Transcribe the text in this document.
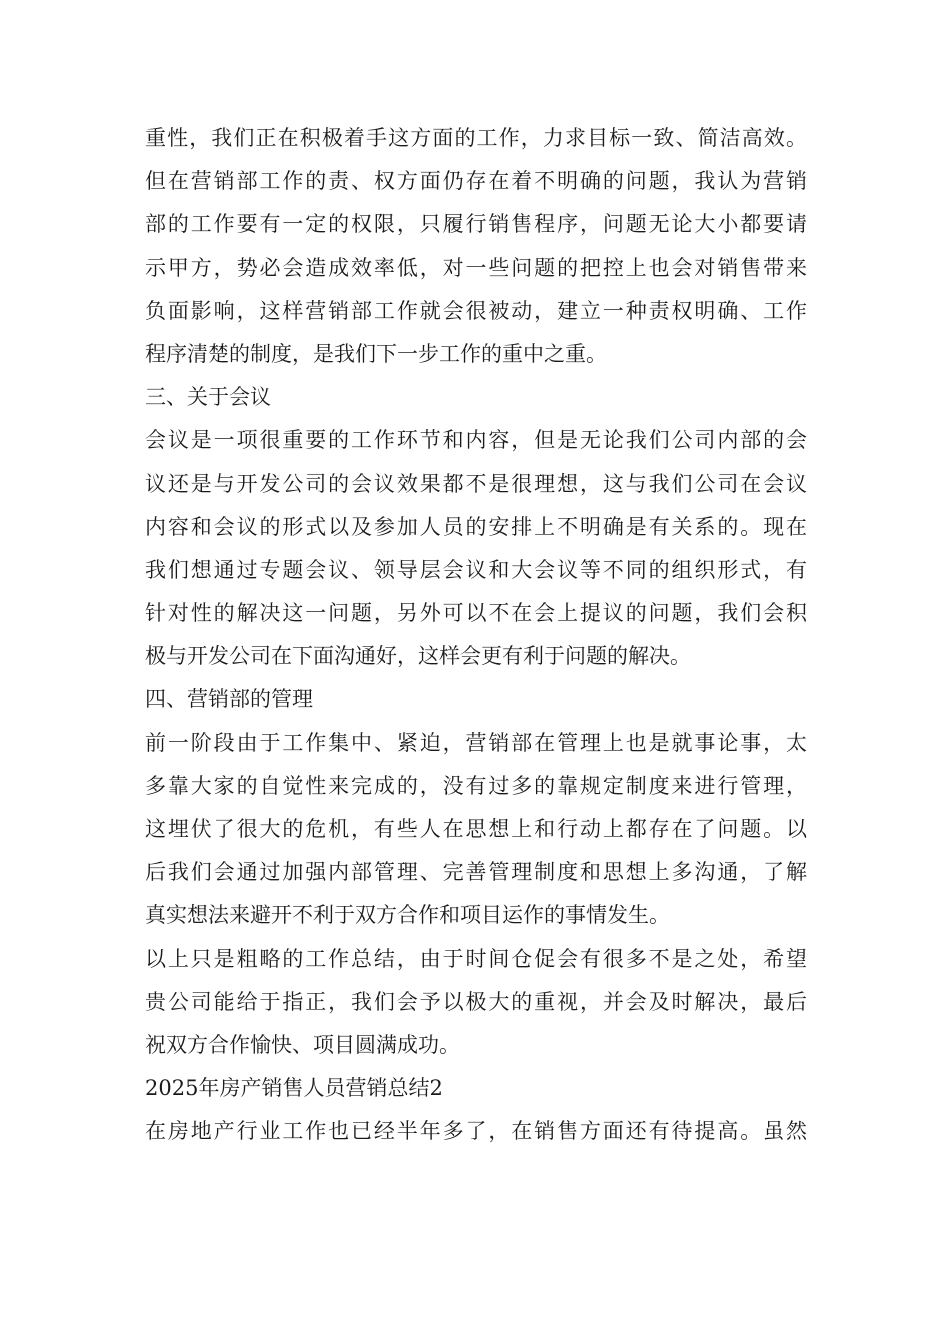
重性，我们正在积极着手这方面的工作，力求目标一致、简洁高效。
但在营销部工作的责、权方面仍存在着不明确的问题，我认为营销
部的工作要有一定的权限，只履行销售程序，问题无论大小都要请
示甲方，势必会造成效率低，对一些问题的把控上也会对销售带来
负面影响，这样营销部工作就会很被动，建立一种责权明确、工作
程序清楚的制度，是我们下一步工作的重中之重。
三、关于会议
会议是一项很重要的工作环节和内容，但是无论我们公司内部的会
议还是与开发公司的会议效果都不是很理想，这与我们公司在会议
内容和会议的形式以及参加人员的安排上不明确是有关系的。现在
我们想通过专题会议、领导层会议和大会议等不同的组织形式，有
针对性的解决这一问题，另外可以不在会上提议的问题，我们会积
极与开发公司在下面沟通好，这样会更有利于问题的解决。
四、营销部的管理
前一阶段由于工作集中、紧迫，营销部在管理上也是就事论事，太
多靠大家的自觉性来完成的，没有过多的靠规定制度来进行管理，
这埋伏了很大的危机，有些人在思想上和行动上都存在了问题。以
后我们会通过加强内部管理、完善管理制度和思想上多沟通，了解
真实想法来避开不利于双方合作和项目运作的事情发生。
以上只是粗略的工作总结，由于时间仓促会有很多不是之处，希望
贵公司能给于指正，我们会予以极大的重视，并会及时解决，最后
祝双方合作愉快、项目圆满成功。
2025年房产销售人员营销总结2
在房地产行业工作也已经半年多了，在销售方面还有待提高。虽然
